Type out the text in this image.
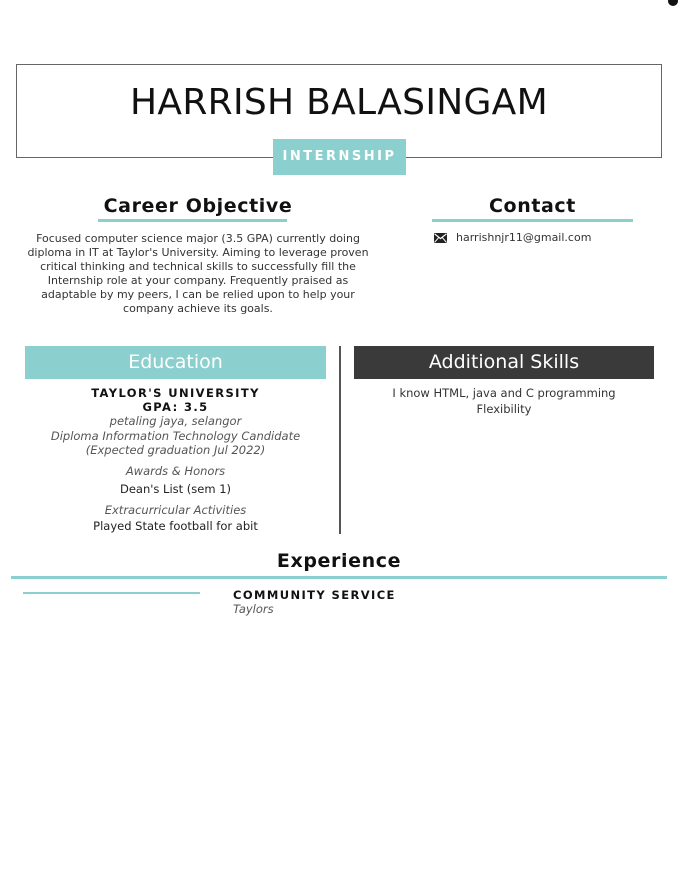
HARRISH BALASINGAM
INTERNSHIP
Career Objective
Focused computer science major (3.5 GPA) currently doing
diploma in IT at Taylor's University. Aiming to leverage proven
critical thinking and technical skills to successfully fill the
Internship role at your company. Frequently praised as
adaptable by my peers, I can be relied upon to help your
company achieve its goals.
Contact
harrishnjr11@gmail.com
Education	Additional Skills
TAYLOR'S UNIVERSITY
GPA: 3.5
petaling jaya, selangor
Diploma Information Technology Candidate
(Expected graduation Jul 2022)
Awards & Honors
Dean's List (sem 1)
Extracurricular Activities
Played State football for abit
I know HTML, java and C programming
Flexibility
Experience
COMMUNITY SERVICE
Taylors
